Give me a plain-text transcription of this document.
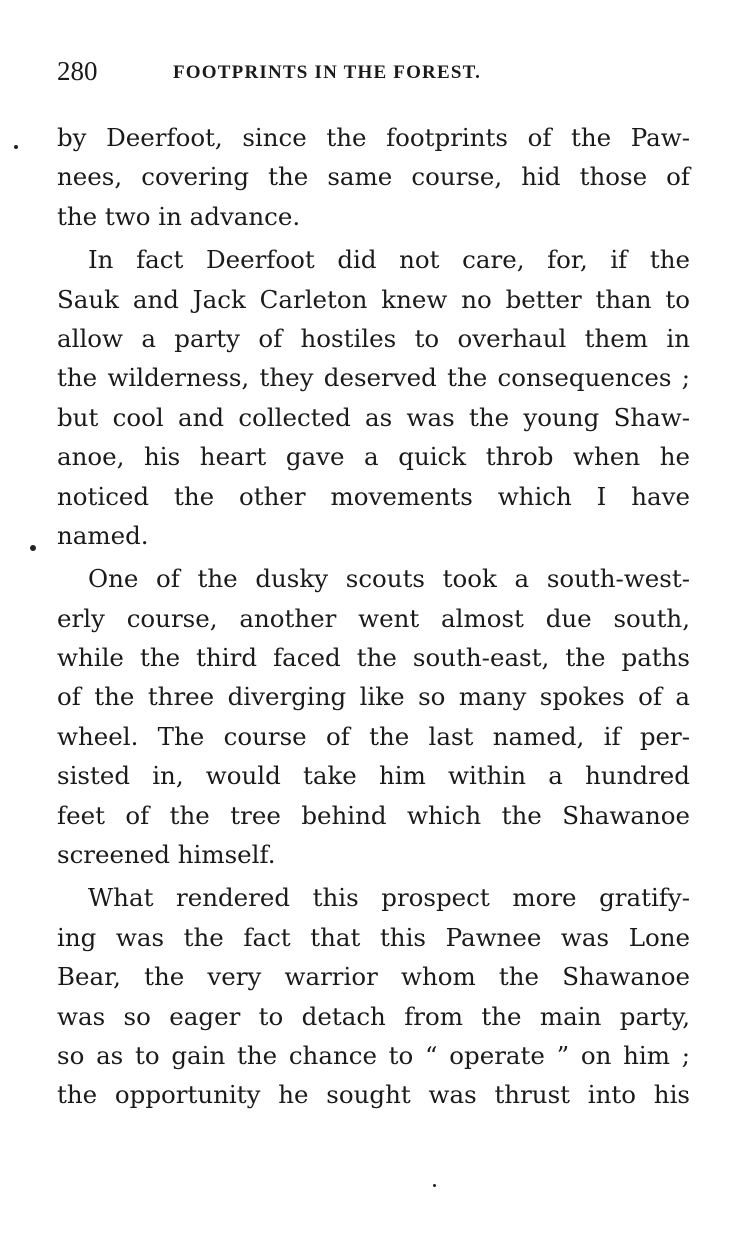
280	FOOTPRINTS IN THE FOREST.
by Deerfoot, since the footprints of the Paw-
nees, covering the same course, hid those of
the two in advance.
In fact Deerfoot did not care, for, if the
Sauk and Jack Carleton knew no better than to
allow a party of hostiles to overhaul them in
the wilderness, they deserved the consequences ;
but cool and collected as was the young Shaw-
anoe, his heart gave a quick throb when he
noticed the other movements which I have
named.
One of the dusky scouts took a south-west-
erly course, another went almost due south,
while the third faced the south-east, the paths
of the three diverging like so many spokes of a
wheel. The course of the last named, if per-
sisted in, would take him within a hundred
feet of the tree behind which the Shawanoe
screened himself.
What rendered this prospect more gratify-
ing was the fact that this Pawnee was Lone
Bear, the very warrior whom the Shawanoe
was so eager to detach from the main party,
so as to gain the chance to “ operate ” on him ;
the opportunity he sought was thrust into his
